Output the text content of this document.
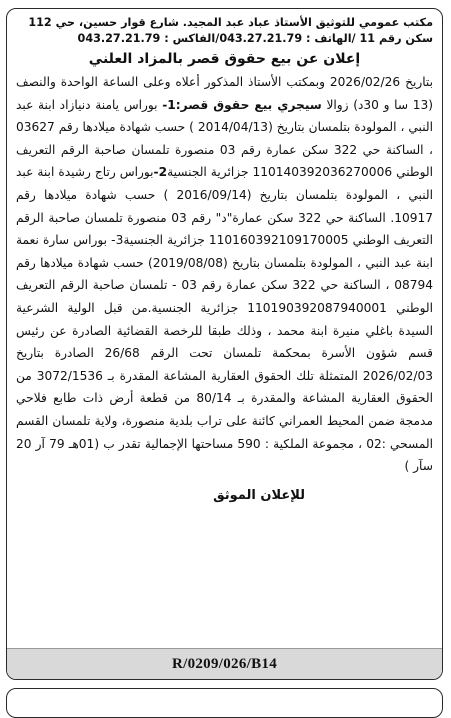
مكتب عمومي للتوثيق الأستاذ عباد عبد المجيد. شارع قوار حسين، حي 112

سكن رقم 11 /الهاتف : 043.27.21.79/الفاكس : 043.27.21.79

إعلان عن بيع حقوق قصر بالمزاد العلني

بتاريخ 2026/02/26 وبمكتب الأستاذ المذكور أعلاه وعلى الساعة الواحدة والنصف (13 سا و 30د) زوالا سيجري بيع حقوق قصر:1- بوراس يامنة دنيازاد ابنة عبد النبي ، المولودة بتلمسان بتاريخ (2014/04/13 ) حسب شهادة ميلادها رقم 03627 ، الساكنة حي 322 سكن عمارة رقم 03 منصورة تلمسان صاحبة الرقم التعريف الوطني 110140392036270006 جزائرية الجنسية2-بوراس رتاج رشيدة ابنة عبد النبي ، المولودة بتلمسان بتاريخ (2016/09/14 ) حسب شهادة ميلادها رقم 10917. الساكنة حي 322 سكن عمارة"د" رقم 03 منصورة تلمسان صاحبة الرقم التعريف الوطني 110160392109170005 جزائرية الجنسية3- بوراس سارة نعمة ابنة عبد النبي ، المولودة بتلمسان بتاريخ (2019/08/08) حسب شهادة ميلادها رقم 08794 ، الساكنة حي 322 سكن عمارة رقم 03 - تلمسان صاحبة الرقم التعريف الوطني 110190392087940001 جزائرية الجنسية.من قبل الولية الشرعية السيدة باغلي منيرة ابنة محمد ، وذلك طبقا للرخصة القضائية الصادرة عن رئيس قسم شؤون الأسرة بمحكمة تلمسان تحت الرقم 26/68 الصادرة بتاريخ 2026/02/03 المتمثلة تلك الحقوق العقارية المشاعة المقدرة بـ 3072/1536 من الحقوق العقارية المشاعة والمقدرة بـ 80/14 من قطعة أرض ذات طابع فلاحي مدمجة ضمن المحيط العمراني كائنة على تراب بلدية منصورة، ولاية تلمسان القسم المسحي :02 ، مجموعة الملكية : 590 مساحتها الإجمالية تقدر ب (01هـ 79 آر 20 سآر )

للإعلان الموثق
R/0209/026/B14
